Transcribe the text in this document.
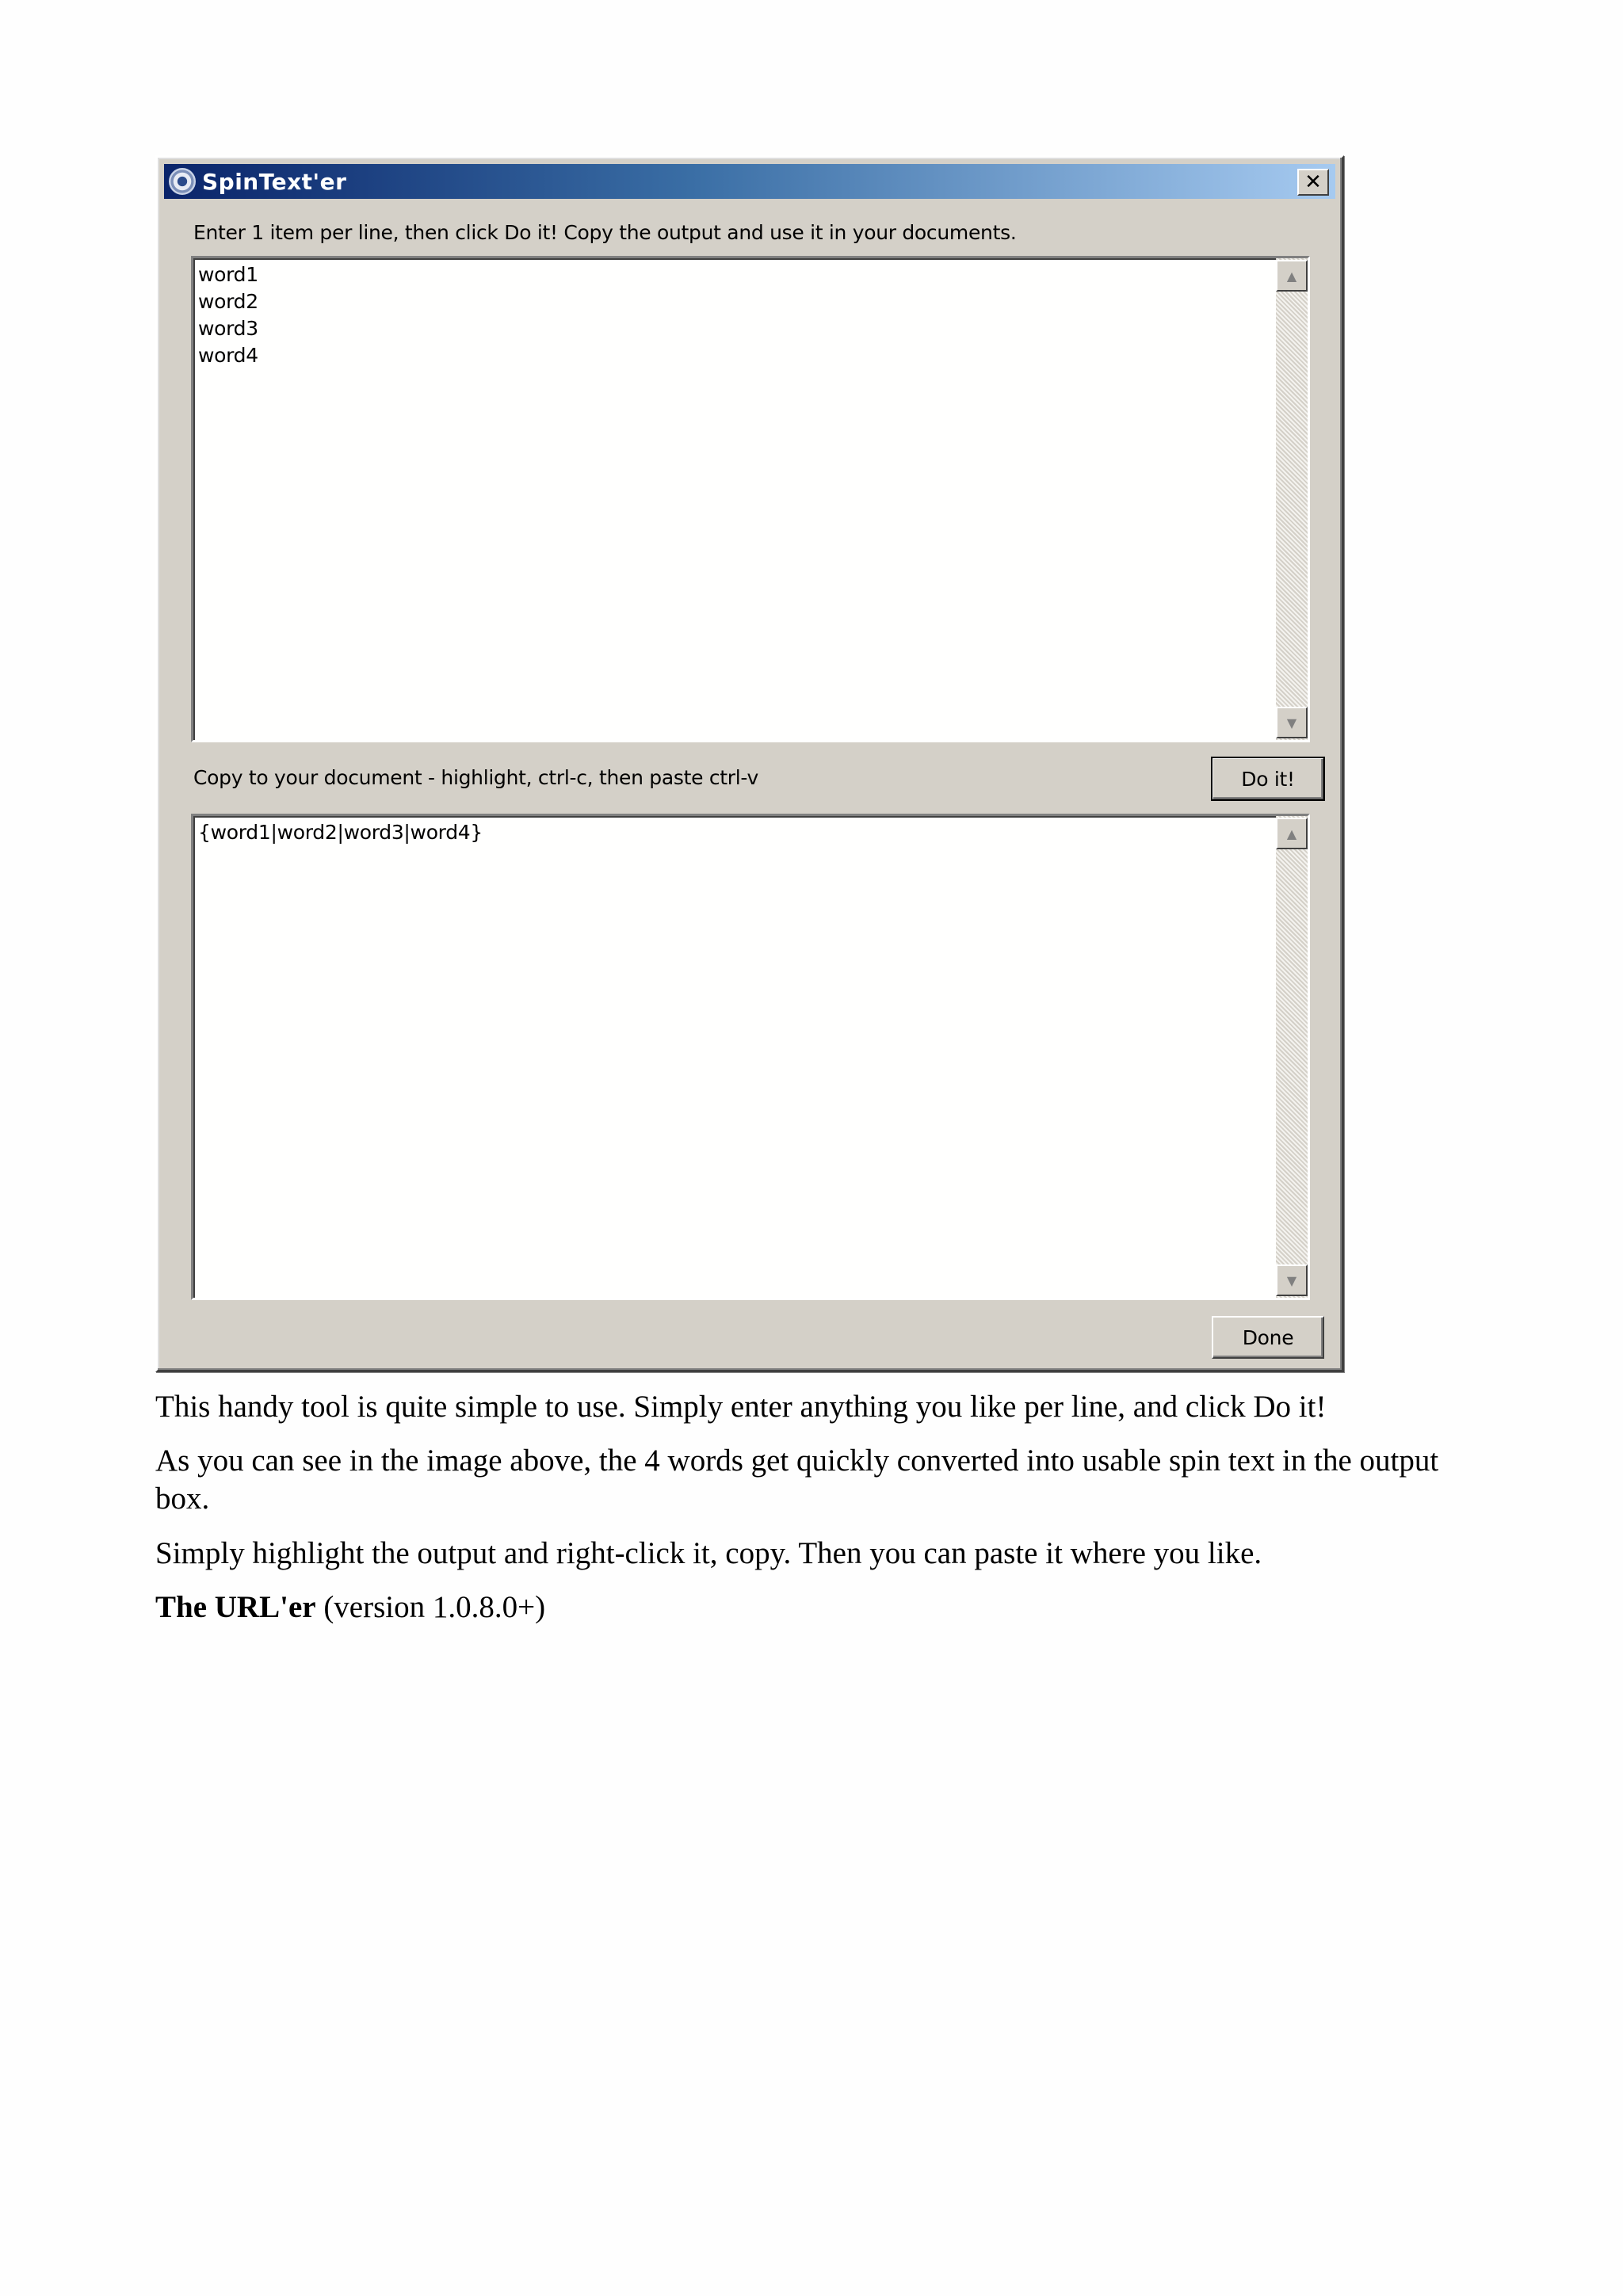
SpinText'er	✕
Enter 1 item per line, then click Do it! Copy the output and use it in your documents.
word1
word2
word3
word4
▲
▼
Copy to your document - highlight, ctrl-c, then paste ctrl-v	Do it!
{word1|word2|word3|word4}	▲
▼
Done
This handy tool is quite simple to use. Simply enter anything you like per line, and click Do it!
As you can see in the image above, the 4 words get quickly converted into usable spin text in the output box.
Simply highlight the output and right-click it, copy. Then you can paste it where you like.
The URL'er (version 1.0.8.0+)
